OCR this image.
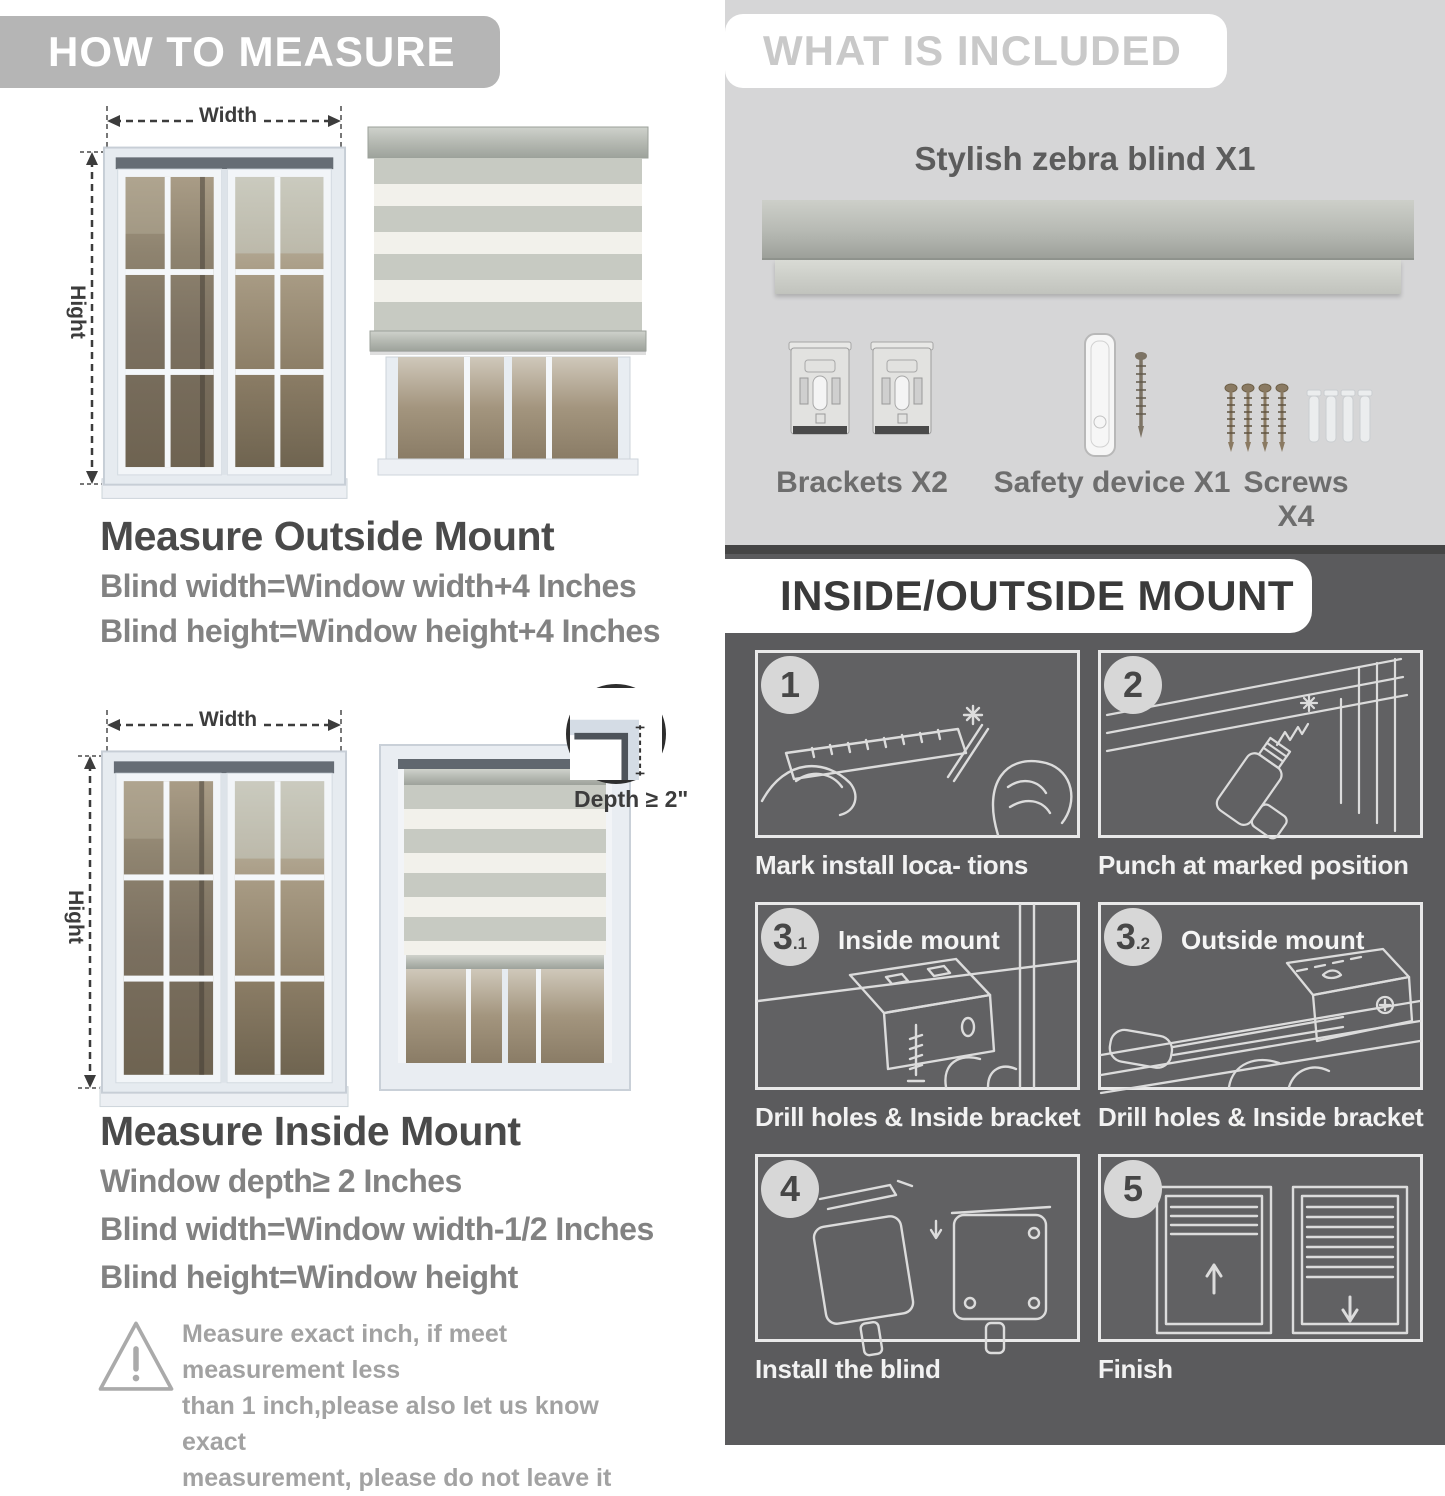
HOW TO MEASURE
Width
Hight
Measure Outside Mount
Blind width=Window width+4 Inches
Blind height=Window height+4 Inches
Width
Hight
Depth ≥ 2"
Measure Inside Mount
Window depth≥ 2 Inches
Blind width=Window width-1/2 Inches
Blind height=Window height
Measure exact inch, if meet measurement less
than 1 inch,please also let us know exact
measurement, please do not leave it
WHAT IS INCLUDED
Stylish zebra blind X1
Brackets X2 Safety device X1 Screws X4
INSIDE/OUTSIDE MOUNT
1
Mark install loca- tions
2
Punch at marked position
3 .1 Inside mount
Drill holes & Inside bracket
3 .2 Outside mount
Drill holes & Inside bracket
4
Install the blind
5
Finish
